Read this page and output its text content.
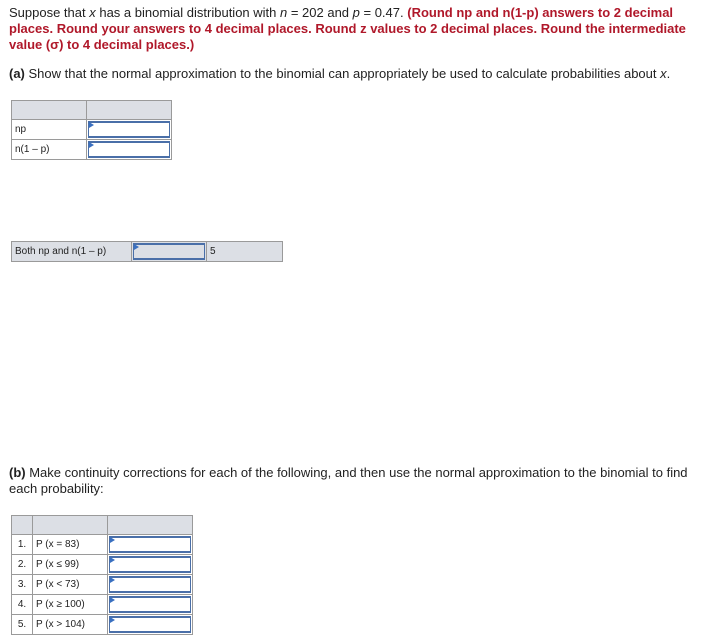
Suppose that x has a binomial distribution with n = 202 and p = 0.47. (Round np and n(1-p) answers to 2 decimal places. Round your answers to 4 decimal places. Round z values to 2 decimal places. Round the intermediate value (σ) to 4 decimal places.)
(a) Show that the normal approximation to the binomial can appropriately be used to calculate probabilities about x.

np	

n(1 – p)	
Both np and n(1 – p)		5
(b) Make continuity corrections for each of the following, and then use the normal approximation to the binomial to find each probability:

1.	P (x = 83)	

2.	P (x ≤ 99)	

3.	P (x < 73)	

4.	P (x ≥ 100)	

5.	P (x > 104)	
